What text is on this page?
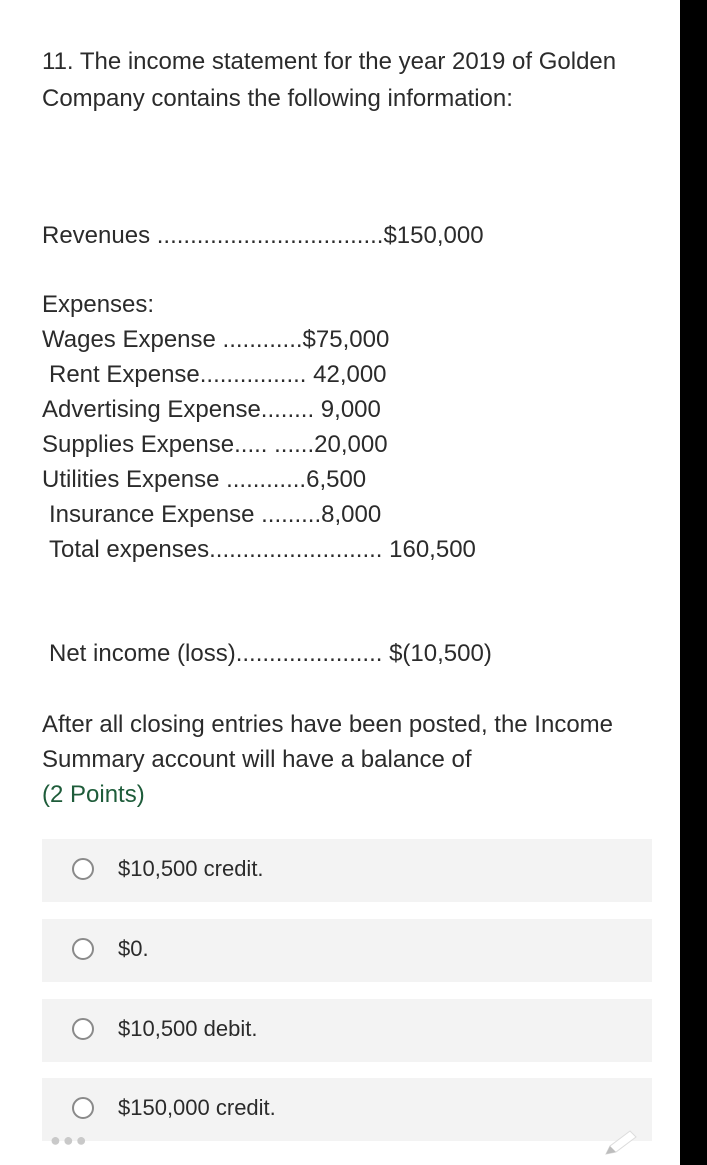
11. The income statement for the year 2019 of Golden Company contains the following information:
Revenues ..................................$150,000
Expenses:
Wages Expense ............$75,000
Rent Expense................ 42,000
Advertising Expense........ 9,000
Supplies Expense..... ......20,000
Utilities Expense ............6,500
Insurance Expense .........8,000
Total expenses.......................... 160,500
Net income (loss)...................... $(10,500)
After all closing entries have been posted, the Income Summary account will have a balance of
(2 Points)
$10,500 credit.
$0.
$10,500 debit.
$150,000 credit.
●●●
